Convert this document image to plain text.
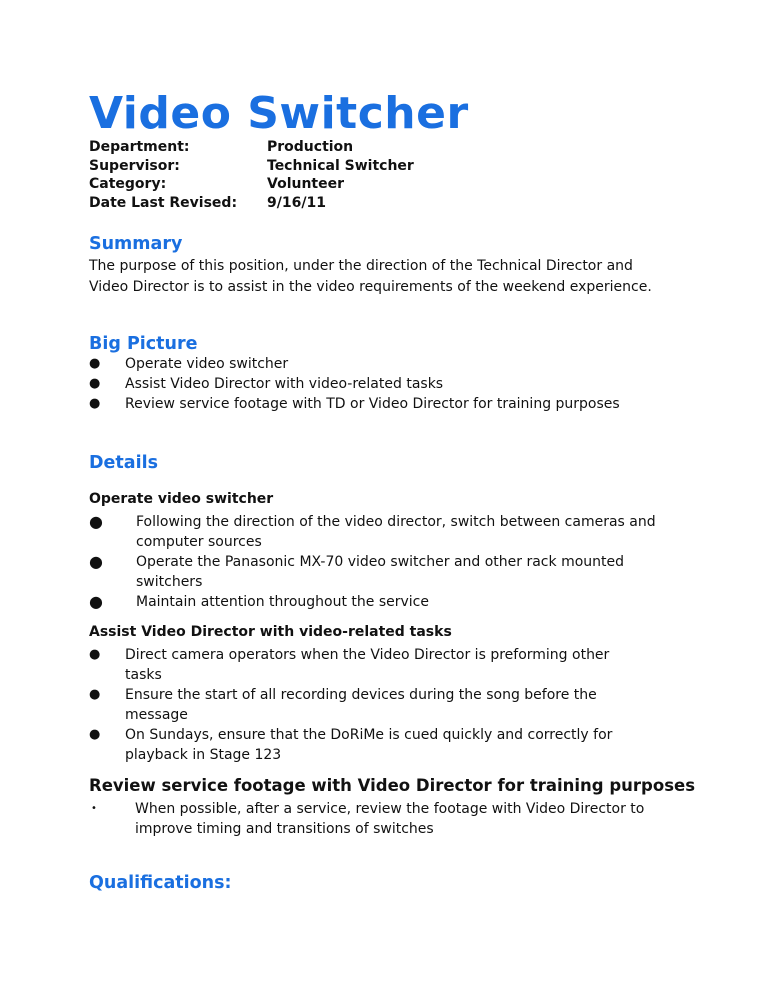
Video Switcher
Department:	Production
Supervisor:	Technical Switcher
Category:	Volunteer
Date Last Revised: 9/16/11
Summary
The purpose of this position, under the direction of the Technical Director and
Video Director is to assist in the video requirements of the weekend experience.
Big Picture
● Operate video switcher
● Assist Video Director with video-related tasks
● Review service footage with TD or Video Director for training purposes
Details
Operate video switcher
● Following the direction of the video director, switch between cameras and
computer sources
● Operate the Panasonic MX-70 video switcher and other rack mounted
switchers
● Maintain attention throughout the service
Assist Video Director with video-related tasks
● Direct camera operators when the Video Director is preforming other
tasks
● Ensure the start of all recording devices during the song before the
message
● On Sundays, ensure that the DoRiMe is cued quickly and correctly for
playback in Stage 123
Review service footage with Video Director for training purposes
•	When possible, after a service, review the footage with Video Director to
improve timing and transitions of switches
Qualifications:
